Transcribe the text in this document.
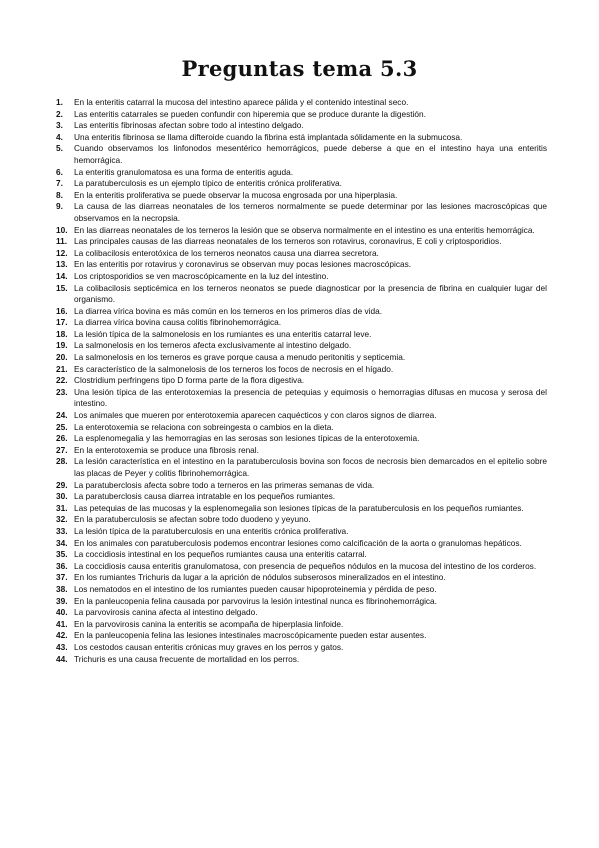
Preguntas tema 5.3
1.	En la enteritis catarral la mucosa del intestino aparece pálida y el contenido intestinal seco.
2.	Las enteritis catarrales se pueden confundir con hiperemia que se produce durante la digestión.
3.	Las enteritis fibrinosas afectan sobre todo al intestino delgado.
4.	Una enteritis fibrinosa se llama difteroide cuando la fibrina está implantada sólidamente en la submucosa.
5.	Cuando observamos los linfonodos mesentérico hemorrágicos, puede deberse a que en el intestino haya una enteritis hemorrágica.
6.	La enteritis granulomatosa es una forma de enteritis aguda.
7.	La paratuberculosis es un ejemplo típico de enteritis crónica proliferativa.
8.	En la enteritis proliferativa se puede observar la mucosa engrosada por una hiperplasia.
9.	La causa de las diarreas neonatales de los terneros normalmente se puede determinar por las lesiones macroscópicas que observamos en la necropsia.
10. En las diarreas neonatales de los terneros la lesión que se observa normalmente en el intestino es una enteritis hemorrágica.
11. Las principales causas de las diarreas neonatales de los terneros son rotavirus, coronavirus, E coli y criptosporidios.
12. La colibacilosis enterotóxica de los terneros neonatos causa una diarrea secretora.
13. En las enteritis por rotavirus y coronavirus se observan muy pocas lesiones macroscópicas.
14. Los criptosporidios se ven macroscópicamente en la luz del intestino.
15. La colibacilosis septicémica en los terneros neonatos se puede diagnosticar por la presencia de fibrina en cualquier lugar del organismo.
16. La diarrea vírica bovina es más común en los terneros en los primeros días de vida.
17. La diarrea vírica bovina causa colitis fibrinohemorrágica.
18. La lesión típica de la salmonelosis en los rumiantes es una enteritis catarral leve.
19. La salmonelosis en los terneros afecta exclusivamente al intestino delgado.
20. La salmonelosis en los terneros es grave porque causa a menudo peritonitis y septicemia.
21. Es característico de la salmonelosis de los terneros los focos de necrosis en el hígado.
22. Clostridium perfringens tipo D forma parte de la flora digestiva.
23. Una lesión típica de las enterotoxemias la presencia de petequias y equimosis o hemorragias difusas en mucosa y serosa del intestino.
24. Los animales que mueren por enterotoxemia aparecen caquécticos y con claros signos de diarrea.
25. La enterotoxemia se relaciona con sobreingesta o cambios en la dieta.
26. La esplenomegalia y las hemorragias en las serosas son lesiones típicas de la enterotoxemia.
27. En la enterotoxemia se produce una fibrosis renal.
28. La lesión característica en el intestino en la paratuberculosis bovina son focos de necrosis bien demarcados en el epitelio sobre las placas de Peyer y colitis fibrinohemorrágica.
29. La paratuberclosis afecta sobre todo a terneros en las primeras semanas de vida.
30. La paratuberclosis causa diarrea intratable en los pequeños rumiantes.
31. Las petequias de las mucosas y la esplenomegalia son lesiones típicas de la paratuberculosis en los pequeños rumiantes.
32. En la paratuberculosis se afectan sobre todo duodeno y yeyuno.
33. La lesión típica de la paratuberculosis en una enteritis crónica proliferativa.
34. En los animales con paratuberculosis podemos encontrar lesiones como calcificación de la aorta o granulomas hepáticos.
35. La coccidiosis intestinal en los pequeños rumiantes causa una enteritis catarral.
36. La coccidiosis causa enteritis granulomatosa, con presencia de pequeños nódulos en la mucosa del intestino de los corderos.
37. En los rumiantes Trichuris da lugar a la aprición de nódulos subserosos mineralizados en el intestino.
38. Los nematodos en el intestino de los rumiantes pueden causar hipoproteinemia y pérdida de peso.
39. En la panleucopenia felina causada por parvovirus la lesión intestinal nunca es fibrinohemorrágica.
40. La parvovirosis canina afecta al intestino delgado.
41. En la parvovirosis canina la enteritis se acompaña de hiperplasia linfoide.
42. En la panleucopenia felina las lesiones intestinales macroscópicamente pueden estar ausentes.
43. Los cestodos causan enteritis crónicas muy graves en los perros y gatos.
44. Trichuris es una causa frecuente de mortalidad en los perros.
